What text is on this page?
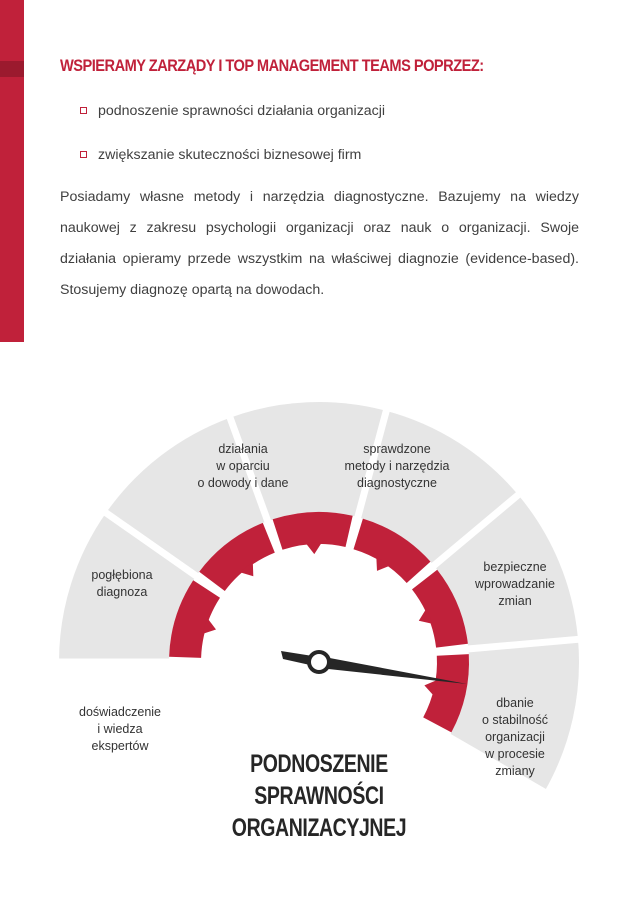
WSPIERAMY ZARZĄDY I TOP MANAGEMENT TEAMS POPRZEZ:
podnoszenie sprawności działania organizacji
zwiększanie skuteczności biznesowej firm

Posiadamy własne metody i narzędzia diagnostyczne. Bazujemy na wiedzy naukowej z zakresu psychologii organizacji oraz nauk o organizacji. Swoje działania opieramy przede wszystkim na właściwej diagnozie (evidence-based). Stosujemy diagnozę opartą na dowodach.

doświadczenie
i wiedza
ekspertów
pogłębiona
diagnoza
działania
w oparciu
o dowody i dane
sprawdzone
metody i narzędzia
diagnostyczne
bezpieczne
wprowadzanie
zmian
dbanie
o stabilność
organizacji
w procesie
zmiany
PODNOSZENIE
SPRAWNOŚCI
ORGANIZACYJNEJ
